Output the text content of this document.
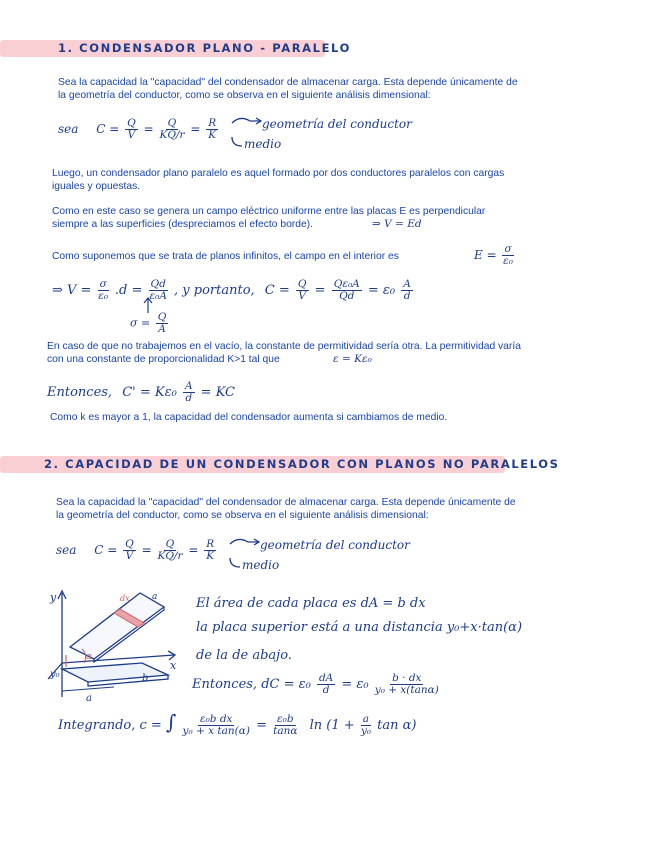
1. CONDENSADOR PLANO - PARALELO
Sea la capacidad la "capacidad" del condensador de almacenar carga. Esta depende únicamente de
la geometría del conductor, como se observa en el siguiente análisis dimensional:
sea $C = \frac{Q}{V} = \frac{Q}{KQ/r} = \frac{R}{K}$	geometría del conductor
medio
Luego, un condensador plano paralelo es aquel formado por dos conductores paralelos con cargas
iguales y opuestas.
Como en este caso se genera un campo eléctrico uniforme entre las placas E es perpendicular
siempre a las superficies (despreciamos el efecto borde).	⇒ V = Ed
Como suponemos que se trata de planos infinitos, el campo en el interior es	$E = \frac{\sigma}{\text{ε₀}}$
⇒ $V = \frac{\sigma}{\text{ε₀}} .d = \frac{Qd}{\text{ε₀A}}$ , y portanto, $C = \frac{Q}{V} = \frac{\text{Qε₀A}}{Qd} = \varepsilon_0 \frac{A}{d}$
$\sigma = \frac{Q}{A}$
En caso de que no trabajemos en el vacío, la constante de permitividad sería otra. La permitividad varía
con una constante de proporcionalidad K>1 tal que	ε = Kε₀
Entonces, $C' = K\varepsilon_0 \frac{A}{d}$ = KC
Como k es mayor a 1, la capacidad del condensador aumenta si cambiamos de medio.
2. CAPACIDAD DE UN CONDENSADOR CON PLANOS NO PARALELOS
Sea la capacidad la "capacidad" del condensador de almacenar carga. Esta depende únicamente de
la geometría del conductor, como se observa en el siguiente análisis dimensional:
sea $C = \frac{Q}{V} = \frac{Q}{KQ/r} = \frac{R}{K}$	geometría del conductor
medio
y
x
dx
b
a
y₀
α
a	El área de cada placa es dA = b dx
la placa superior está a una distancia y₀+x·tan(α)
de la de abajo.
Entonces, dC = $\varepsilon_0 \frac{dA}{d} = \varepsilon_0 \frac{b \cdot dx}{\text{y₀ + x(tanα)}}$
Integrando, c = ∫ $\frac{\text{ε₀b dx}}{\text{y₀ + x tan(α)}} = \frac{\text{ε₀b}}{\tan\alpha}$ $\ln (1 + \frac{a}{\text{y₀}}$ tan α)
